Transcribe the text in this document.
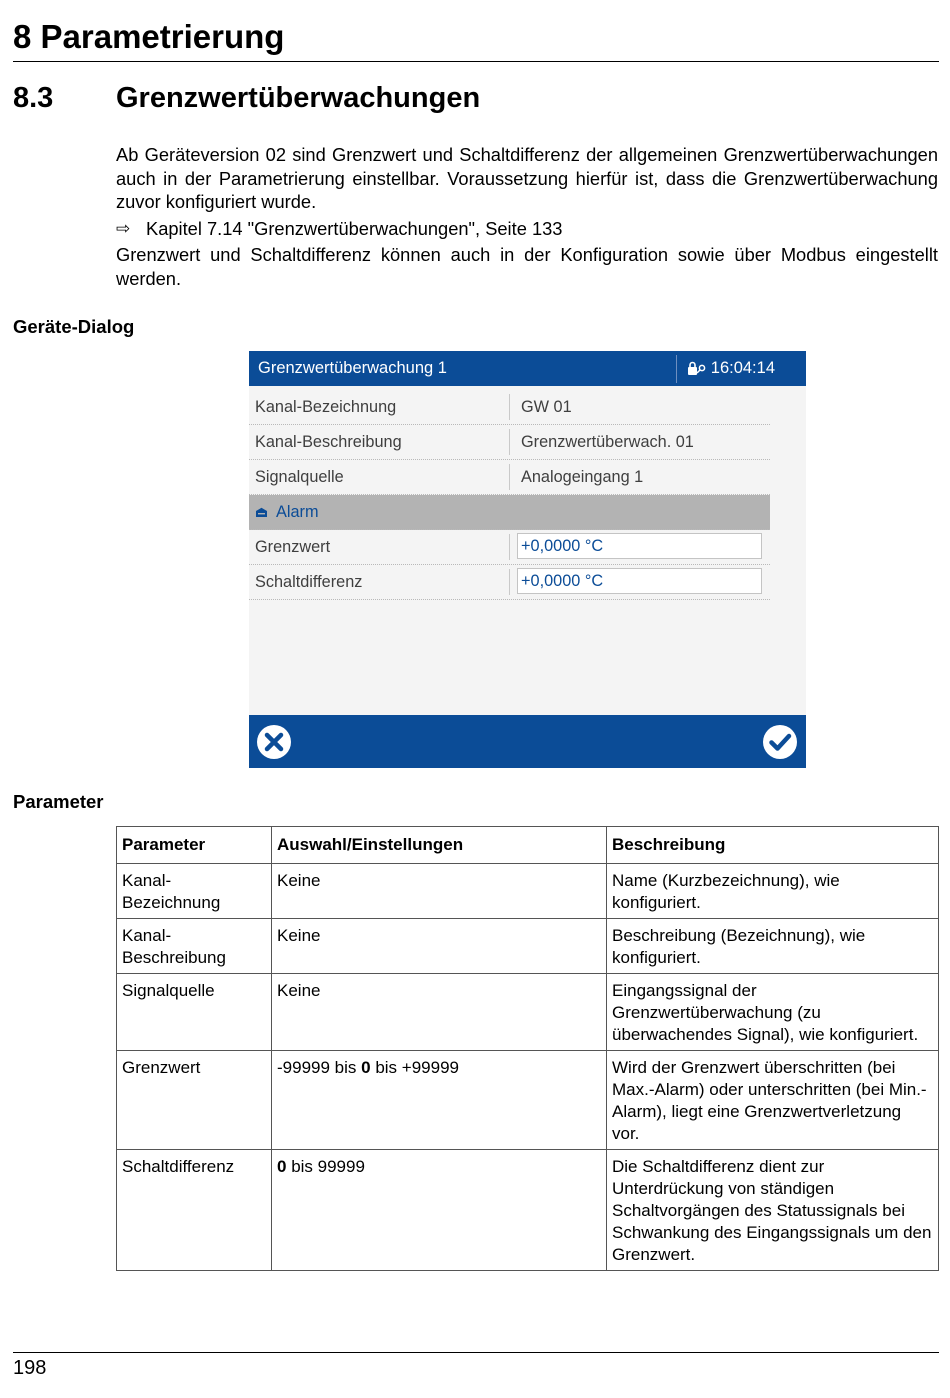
8 Parametrierung
8.3 Grenzwertüberwachungen

Ab Geräteversion 02 sind Grenzwert und Schaltdifferenz der allgemeinen Grenzwertüberwachungen auch in der Parametrierung einstellbar. Voraussetzung hierfür ist, dass die Grenzwertüberwachung zuvor konfiguriert wurde.

⇨ Kapitel 7.14 "Grenzwertüberwachungen", Seite 133

Grenzwert und Schaltdifferenz können auch in der Konfiguration sowie über Modbus eingestellt werden.

Geräte-Dialog
Grenzwertüberwachung 1	16:04:14
Kanal-Bezeichnung	GW 01
Kanal-Beschreibung	Grenzwertüberwach. 01
Signalquelle	Analogeingang 1
Alarm
Grenzwert	+0,0000 °C
Schaltdifferenz	+0,0000 °C
Parameter
Parameter	Auswahl/Einstellungen	Beschreibung
Kanal-Bezeichnung	Keine	Name (Kurzbezeichnung), wie konfiguriert.
Kanal-Beschreibung	Keine	Beschreibung (Bezeichnung), wie konfiguriert.
Signalquelle	Keine	Eingangssignal der Grenzwertüberwachung (zu überwachendes Signal), wie konfiguriert.
Grenzwert	-99999 bis 0 bis +99999	Wird der Grenzwert überschritten (bei Max.-Alarm) oder unterschritten (bei Min.-Alarm), liegt eine Grenzwertverletzung vor.
Schaltdifferenz	0 bis 99999	Die Schaltdifferenz dient zur Unterdrückung von ständigen Schaltvorgängen des Statussignals bei Schwankung des Eingangssignals um den Grenzwert.
198
